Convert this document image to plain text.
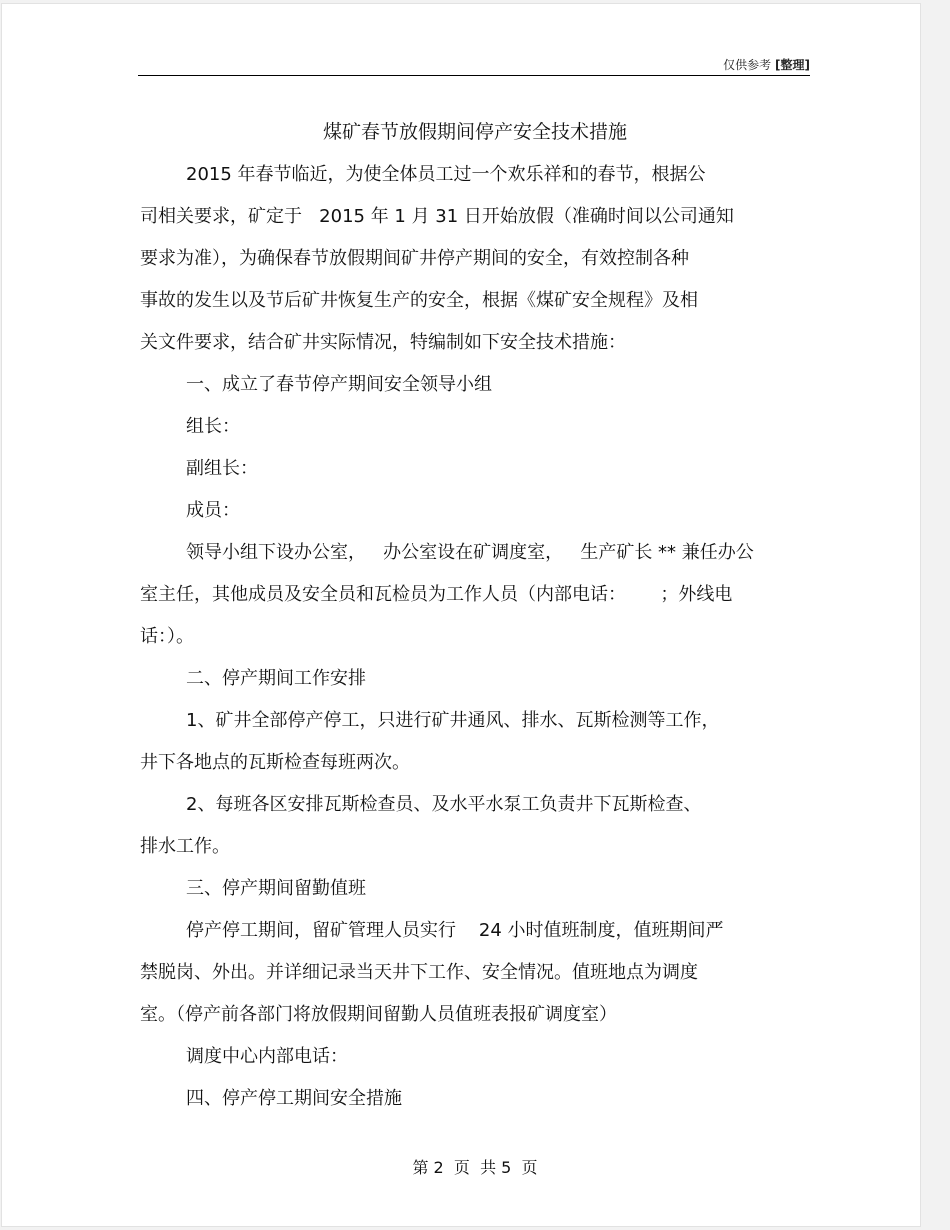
仅供参考 [整理]
煤矿春节放假期间停产安全技术措施
2015 年春节临近，为使全体员工过一个欢乐祥和的春节，根据公
司相关要求，矿定于   2015 年 1 月 31 日开始放假（准确时间以公司通知
要求为准），为确保春节放假期间矿井停产期间的安全，有效控制各种
事故的发生以及节后矿井恢复生产的安全，根据《煤矿安全规程》及相
关文件要求，结合矿井实际情况，特编制如下安全技术措施：
一、成立了春节停产期间安全领导小组
组长：
副组长：
成员：
领导小组下设办公室，   办公室设在矿调度室，   生产矿长 ** 兼任办公
室主任，其他成员及安全员和瓦检员为工作人员（内部电话：      ；外线电
话：）。
二、停产期间工作安排
1、矿井全部停产停工，只进行矿井通风、排水、瓦斯检测等工作，
井下各地点的瓦斯检查每班两次。
2、每班各区安排瓦斯检查员、及水平水泵工负责井下瓦斯检查、
排水工作。
三、停产期间留勤值班
停产停工期间，留矿管理人员实行    24 小时值班制度，值班期间严
禁脱岗、外出。并详细记录当天井下工作、安全情况。值班地点为调度
室。（停产前各部门将放假期间留勤人员值班表报矿调度室）
调度中心内部电话：
四、停产停工期间安全措施
第 2  页  共 5  页
